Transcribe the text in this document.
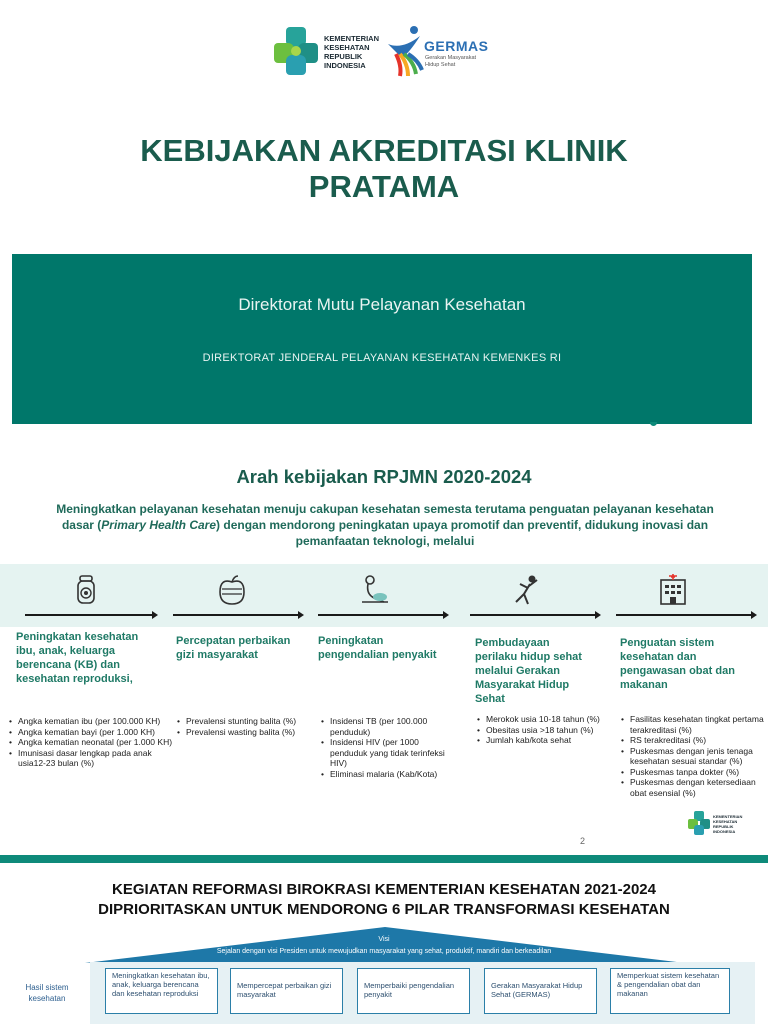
KEMENTERIAN
KESEHATAN
REPUBLIK
INDONESIA
GERMAS
Gerakan Masyarakat
Hidup Sehat
KEBIJAKAN AKREDITASI KLINIK
PRATAMA
Direktorat Mutu Pelayanan Kesehatan
DIREKTORAT JENDERAL PELAYANAN KESEHATAN KEMENKES RI
Arah kebijakan RPJMN 2020-2024
Meningkatkan pelayanan kesehatan menuju cakupan kesehatan semesta terutama penguatan pelayanan kesehatan dasar (Primary Health Care) dengan mendorong peningkatan upaya promotif dan preventif, didukung inovasi dan pemanfaatan teknologi, melalui
Peningkatan kesehatan ibu, anak, keluarga berencana (KB) dan kesehatan reproduksi,
Percepatan perbaikan gizi masyarakat
Peningkatan pengendalian penyakit
Pembudayaan perilaku hidup sehat melalui Gerakan Masyarakat Hidup Sehat
Penguatan sistem kesehatan dan pengawasan obat dan makanan
• Angka kematian ibu (per 100.000 KH)
• Angka kematian bayi (per 1.000 KH)
• Angka kematian neonatal (per 1.000 KH)
• Imunisasi dasar lengkap pada anak usia12-23 bulan (%)
• Prevalensi stunting balita (%)
• Prevalensi wasting balita (%)
• Insidensi TB (per 100.000 penduduk)
• Insidensi HIV (per 1000 penduduk yang tidak terinfeksi HIV)
• Eliminasi malaria (Kab/Kota)
• Merokok usia 10-18 tahun (%)
• Obesitas usia >18 tahun (%)
• Jumlah kab/kota sehat
• Fasilitas kesehatan tingkat pertama terakreditasi (%)
• RS terakreditasi (%)
• Puskesmas dengan jenis tenaga kesehatan sesuai standar (%)
• Puskesmas tanpa dokter (%)
• Puskesmas dengan ketersediaan obat esensial (%)
2
KEMENTERIAN
KESEHATAN
REPUBLIK
INDONESIA
KEGIATAN REFORMASI BIROKRASI KEMENTERIAN KESEHATAN 2021-2024
DIPRIORITASKAN UNTUK MENDORONG 6 PILAR TRANSFORMASI KESEHATAN
Visi
Sejalan dengan visi Presiden untuk mewujudkan masyarakat yang sehat, produktif, mandiri dan berkeadilan
Hasil sistem kesehatan
Meningkatkan kesehatan ibu, anak, keluarga berencana dan kesehatan reproduksi
Mempercepat perbaikan gizi masyarakat
Memperbaiki pengendalian penyakit
Gerakan Masyarakat Hidup Sehat (GERMAS)
Memperkuat sistem kesehatan & pengendalian obat dan makanan
